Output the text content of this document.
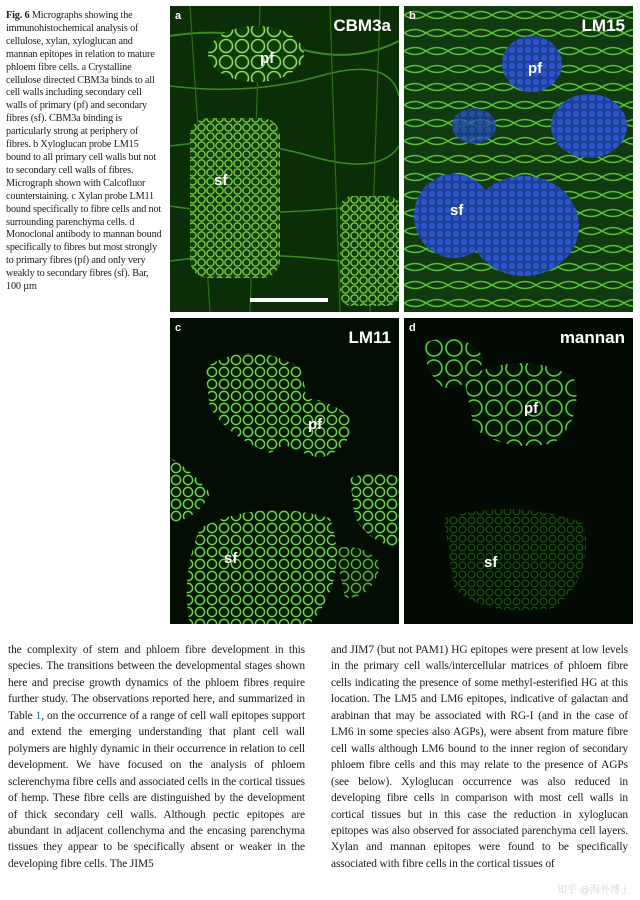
Fig. 6 Micrographs showing the immunohistochemical analysis of cellulose, xylan, xyloglucan and mannan epitopes in relation to mature phloem fibre cells. a Crystalline cellulose directed CBM3a binds to all cell walls including secondary cell walls of primary (pf) and secondary fibres (sf). CBM3a binding is particularly strong at periphery of fibres. b Xyloglucan probe LM15 bound to all primary cell walls but not to secondary cell walls of fibres. Micrograph shown with Calcofluor counterstaining. c Xylan probe LM11 bound specifically to fibre cells and not surrounding parenchyma cells. d Monoclonal antibody to mannan bound specifically to fibres but most strongly to primary fibres (pf) and only very weakly to secondary fibres (sf). Bar, 100 µm
a	CBM3a
pf
sf
b	LM15
pf
sf
c	LM11
pf
sf
d	mannan
pf
sf

the complexity of stem and phloem fibre development in this species. The transitions between the developmental stages shown here and precise growth dynamics of the phloem fibres require further study. The observations reported here, and summarized in Table 1, on the occurrence of a range of cell wall epitopes support and extend the emerging understanding that plant cell wall polymers are highly dynamic in their occurrence in relation to cell development. We have focused on the analysis of phloem sclerenchyma fibre cells and associated cells in the cortical tissues of hemp. These fibre cells are distinguished by the development of thick secondary cell walls. Although pectic epitopes are abundant in adjacent collenchyma and the encasing parenchyma tissues they appear to be specifically absent or weaker in the developing fibre cells. The JIM5

and JIM7 (but not PAM1) HG epitopes were present at low levels in the primary cell walls/intercellular matrices of phloem fibre cells indicating the presence of some methyl-esterified HG at this location. The LM5 and LM6 epitopes, indicative of galactan and arabinan that may be associated with RG-I (and in the case of LM6 in some species also AGPs), were absent from mature fibre cell walls although LM6 bound to the inner region of secondary phloem fibre cells and this may relate to the presence of AGPs (see below). Xyloglucan occurrence was also reduced in developing fibre cells in comparison with most cell walls in cortical tissues but in this case the reduction in xyloglucan epitopes was also observed for associated parenchyma cell layers. Xylan and mannan epitopes were found to be specifically associated with fibre cells in the cortical tissues of

知乎 @海外博士
